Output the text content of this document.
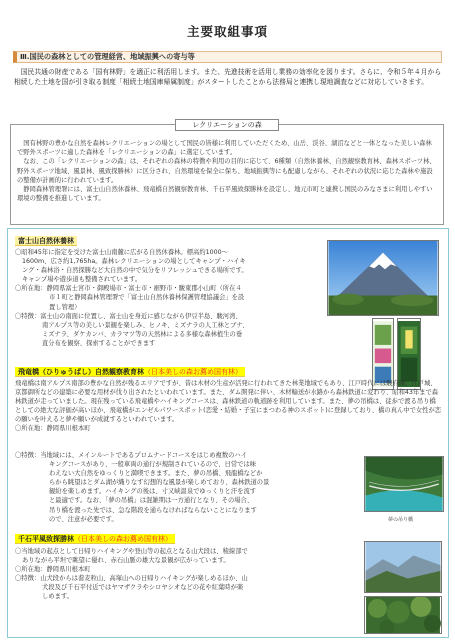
主要取組事項
Ⅲ.国民の森林としての管理経営、地域振興への寄与等

国民共通の財産である「国有林野」を適正に利活用します。また、先進技術を活用し業務の効率化を図ります。さらに、令和５年４月から相続した土地を国が引き取る制度「相続土地国庫帰属制度」がスタートしたことから法務局と連携し現地調査などに対応していきます。

レクリエーションの森

国有林野の豊かな自然を森林レクリエーションの場として国民の皆様に利用していただくため、山岳、渓谷、湖沼などと一体となった美しい森林で野外スポーツに適した森林を「レクリエーションの森」に選定しています。

なお、この「レクリエーションの森」は、それぞれの森林の特徴や利用の目的に応じて、6種類（自然休養林、自然観察教育林、森林スポーツ林、野外スポーツ地域、風景林、風致探勝林）に区分され、自然環境を保全に保ち、地域振興等にも配慮しながら、それぞれの状況に応じた森林や施設の整備が計画的に行われています。

静岡森林管理署には、富士山自然休養林、飛竜橋自然観察教育林、千石平風致探勝林を設定し、地元市町と連携し国民のみなさまに利用しやすい環境の整備を推進しています。

富士山自然休養林

〇昭和45年に指定を受けた富士山南麓に広がる自然休養林。標高約1000～

1600m、広さ約1,765ha。森林レクリエーションの場としてキャンプ・ハイキ

ング・森林浴・自然探勝など大自然の中で気分をリフレッシュできる場所です。

キャンプ場や遊歩道も整備されています。

〇所在地：静岡県富士宮市・御殿場市・富士市・裾野市・駿東郡小山町（所在４

市１町と静岡森林管理署で「富士山自然休養林保護管理協議会」を設

置し管理）

〇特徴：富士山の南面に位置し、富士山を身近に感じながら伊豆半島、駿河湾、

南アルプス等の美しい景観を楽しみ、ヒノキ、ミズナラの人工林とブナ、

ミズナラ、ダケカンバ、カラマツ等の天然林による多様な森林植生の垂

直分布を観察、探索することができます

飛竜橋（ひりゅうばし）自然観察教育林（日本美しの森お薦め国有林）

飛竜橋は南アルプス南部の豊かな自然が残るエリアですが、昔は木材の生産が活発に行われてきた林業地域でもあり、江戸時代には駿府城、江戸城、京都御所などの建築に必要な用材が伐り出されたといわれています。また、ダム開発に伴い、木材輸送が水路から森林鉄道に変わり、昭和43年まで森林鉄道が走っていました。現在残っている飛竜橋やハイキングコースは、森林鉄道の軌道跡を利用しています。また、夢の吊橋は、徒歩で渡る吊り橋としての絶大な評価が高いほか、飛竜橋がエンゼルパワースポット(恋愛・結婚・子宝にまつわる神のスポット)に登録しており、橋の真ん中で女性が恋の願いを叶えると夢や願いが成就するといわれています。

〇所在地：静岡県川根本町

〇特徴：当地域には、メインルートであるプロムナードコースをはじめ複数のハイ

キングコースがあり、一般車両の通行が規制されているので、日常では味

わえない大自然をゆっくりと満喫できます。また、夢の吊橋、飛龍橋などか

らから眺望はとダム湖が織りなす幻想的な風景が楽しめており、森林鉄道の景

観紛を楽しめます。ハイキングの後は、寸又峡温泉でゆっくりと汗を流す

と最適です。なお、「夢の吊橋」は混雑期は一方通行となり、その場合、

吊り橋を渡った先では、急な階段を通らなければならないことになります

ので、注意が必要です。	夢の吊り橋
千石平風致探勝林（日本美しの森お薦め国有林）

〇当地域の起点として日帰りハイキングや登山等の起点となる山犬段は、稜線部で

ありながら平坦で眺望に優れ、赤石山脈の雄大な景観が広がっています。

〇所在地：静岡県川根本町

〇特徴：山犬段からは蕎麦粒山、高塚山への日帰りハイキングが楽しめるほか、山

犬段及び千石平付近ではヤマザクラやシロヤシオなどの花や紅葉時が楽

しめます。
